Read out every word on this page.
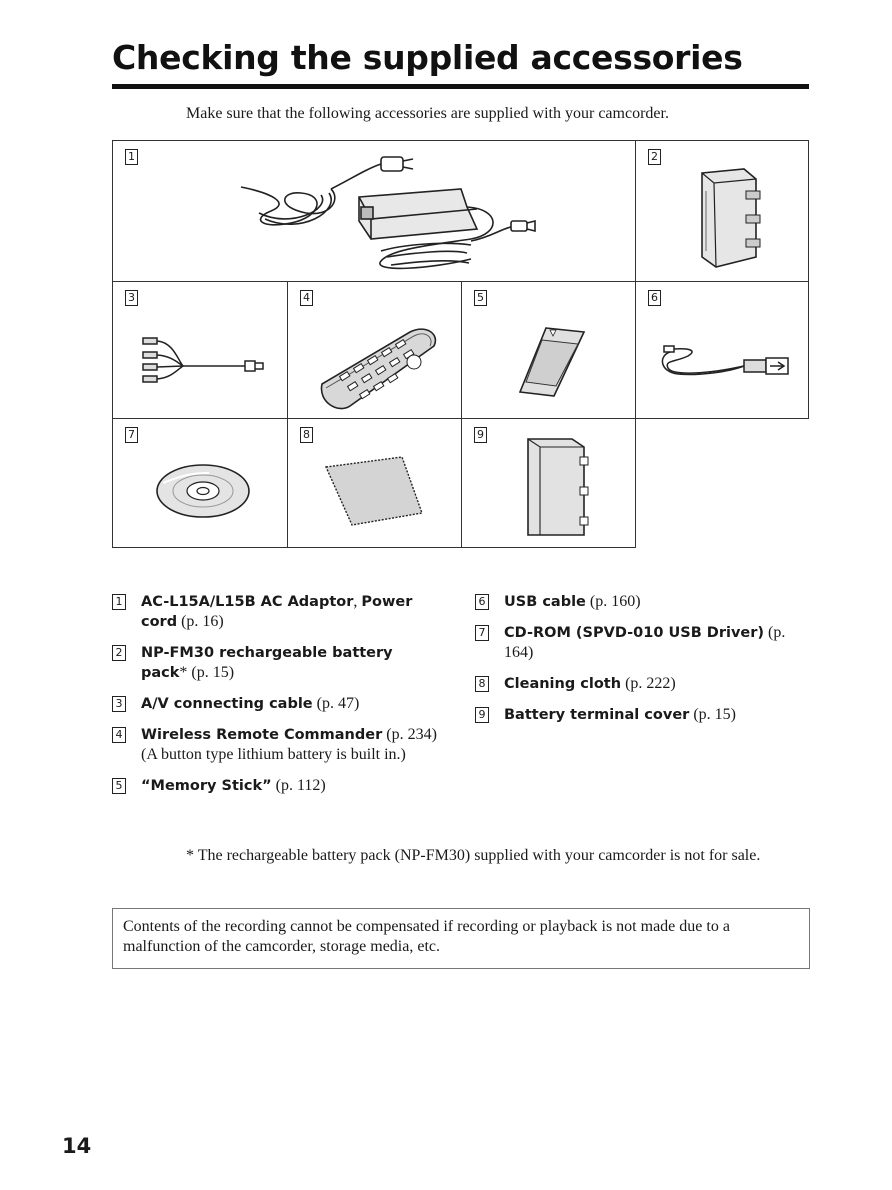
Checking the supplied accessories
Make sure that the following accessories are supplied with your camcorder.
1	2
3	4	5	6
7	8	9
1 AC-L15A/L15B AC Adaptor, Power cord (p. 16)
2 NP-FM30 rechargeable battery pack* (p. 15)
3 A/V connecting cable (p. 47)
4 Wireless Remote Commander (p. 234) (A button type lithium battery is built in.)
5 “Memory Stick” (p. 112)
6 USB cable (p. 160)
7 CD-ROM (SPVD-010 USB Driver) (p. 164)
8 Cleaning cloth (p. 222)
9 Battery terminal cover (p. 15)
* The rechargeable battery pack (NP-FM30) supplied with your camcorder is not for sale.
Contents of the recording cannot be compensated if recording or playback is not made due to a malfunction of the camcorder, storage media, etc.
14
